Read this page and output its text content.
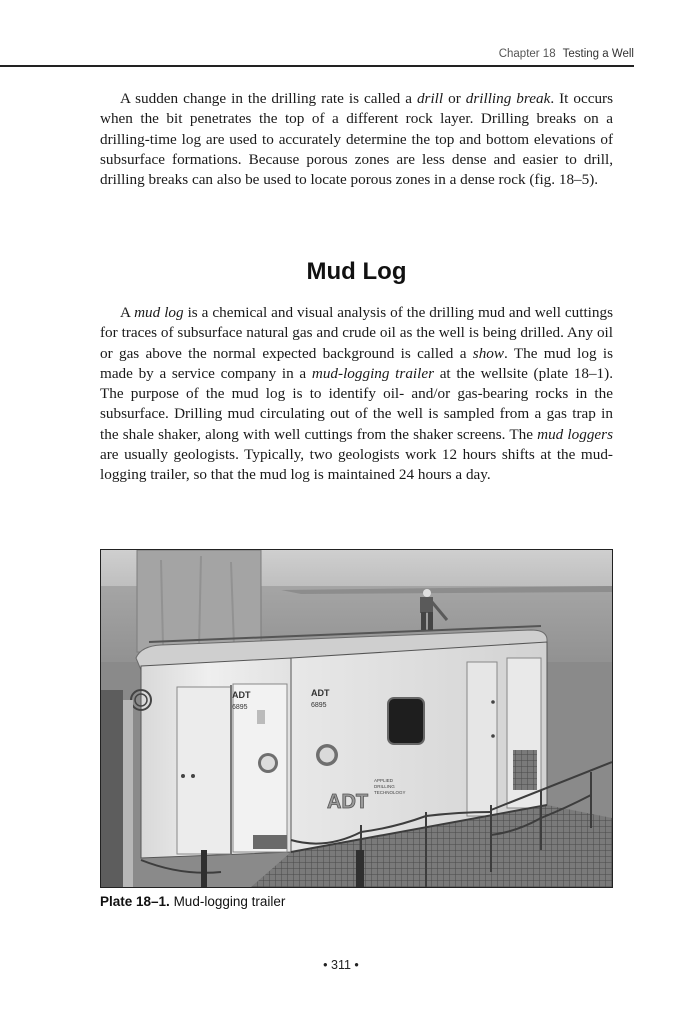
Chapter 18 Testing a Well

A sudden change in the drilling rate is called a drill or drilling break. It occurs when the bit penetrates the top of a different rock layer. Drilling breaks on a drilling-time log are used to accurately determine the top and bottom elevations of subsurface formations. Because porous zones are less dense and easier to drill, drilling breaks can also be used to locate porous zones in a dense rock (fig. 18–5).

Mud Log

A mud log is a chemical and visual analysis of the drilling mud and well cuttings for traces of subsurface natural gas and crude oil as the well is being drilled. Any oil or gas above the normal expected background is called a show. The mud log is made by a service company in a mud-logging trailer at the wellsite (plate 18–1). The purpose of the mud log is to identify oil- and/or gas-bearing rocks in the subsurface. Drilling mud circulating out of the well is sampled from a gas trap in the shale shaker, along with well cuttings from the shaker screens. The mud loggers are usually geologists. Typically, two geologists work 12 hours shifts at the mud-logging trailer, so that the mud log is maintained 24 hours a day.

ADT
6895
ADT
6895
ADT
APPLIED
DRILLING
TECHNOLOGY

Plate 18–1. Mud-logging trailer

• 311 •
